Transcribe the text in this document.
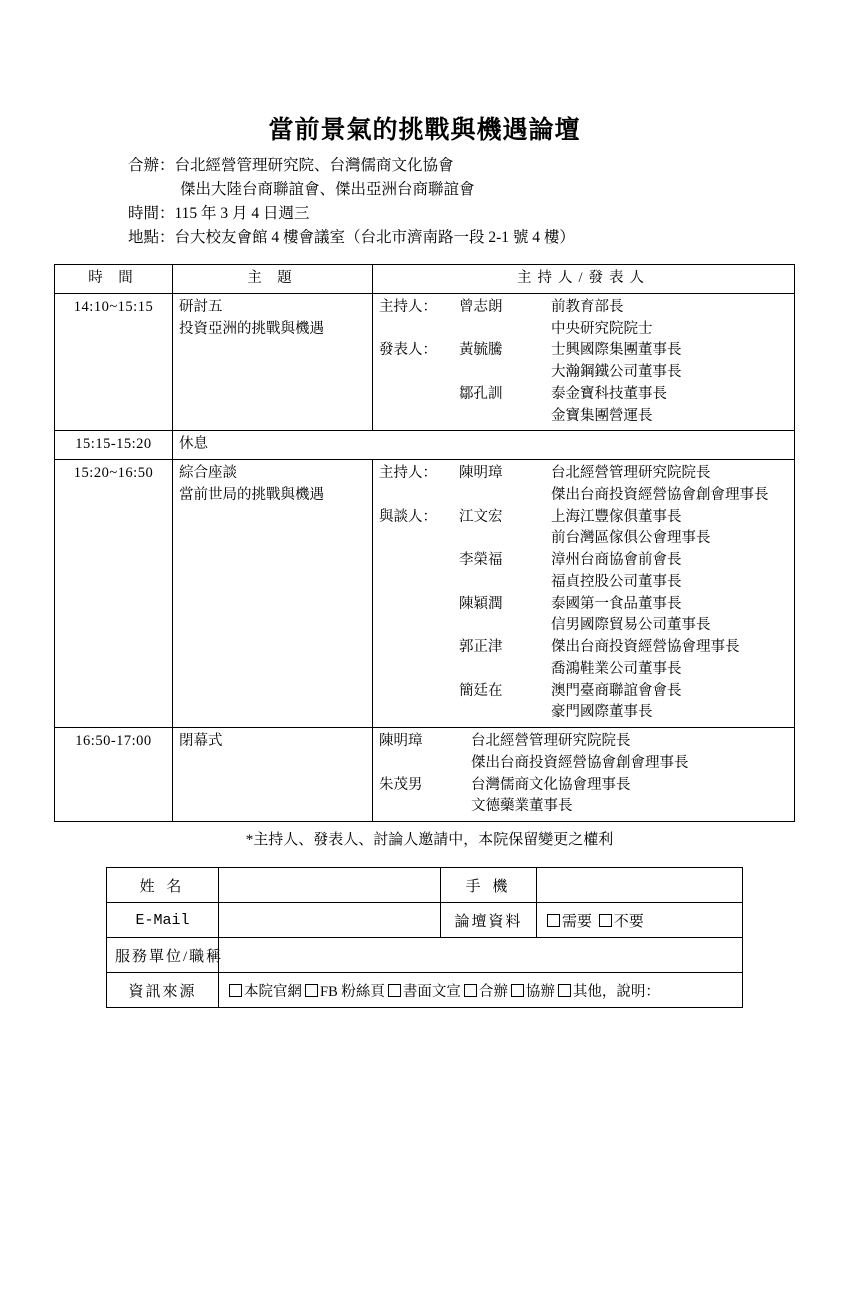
當前景氣的挑戰與機遇論壇
合辦：台北經營管理研究院、台灣儒商文化協會
傑出大陸台商聯誼會、傑出亞洲台商聯誼會
時間：115 年 3 月 4 日週三
地點：台大校友會館 4 樓會議室（台北市濟南路一段 2-1 號 4 樓）
時 間	主 題	主持人/發表人
14:10~15:15	研討五
投資亞洲的挑戰與機遇

主持人：	曾志朗	前教育部長
中央研究院院士
發表人：	黃毓騰	士興國際集團董事長
大瀚鋼鐵公司董事長
鄒孔訓	泰金寶科技董事長
金寶集團營運長

15:15-15:20	休息	
15:20~16:50	綜合座談
當前世局的挑戰與機遇

主持人：	陳明璋	台北經營管理研究院院長
傑出台商投資經營協會創會理事長
與談人：	江文宏	上海江豐傢俱董事長
前台灣區傢俱公會理事長
李榮福	漳州台商協會前會長
福貞控股公司董事長
陳穎潤	泰國第一食品董事長
信男國際貿易公司董事長
郭正津	傑出台商投資經營協會理事長
喬鴻鞋業公司董事長
簡廷在	澳門臺商聯誼會會長
豪門國際董事長

16:50-17:00	閉幕式	陳明璋	台北經營管理研究院院長
傑出台商投資經營協會創會理事長
朱茂男	台灣儒商文化協會理事長
文德藥業董事長
*主持人、發表人、討論人邀請中，本院保留變更之權利
姓 名		手 機	
E-Mail		論壇資料	需要 不要
服務單位/職稱			
資訊來源	本院官網 FB 粉絲頁 書面文宣 合辦 協辦 其他，說明：		
